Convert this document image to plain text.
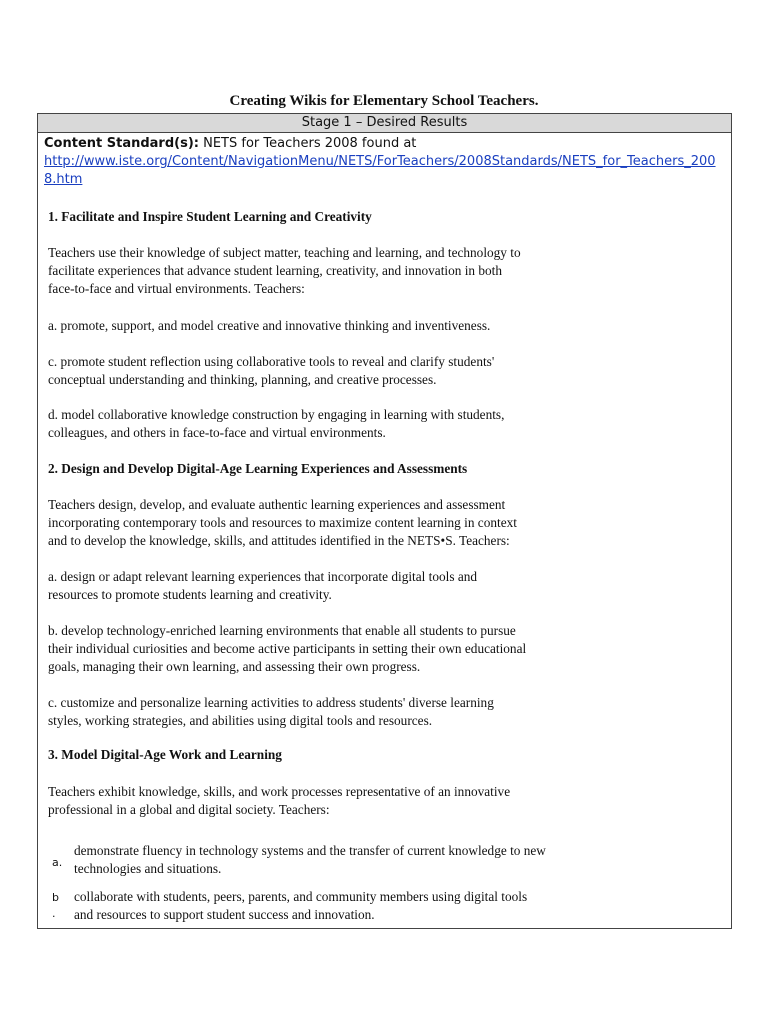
Creating Wikis for Elementary School Teachers.
Stage 1 – Desired Results
Content Standard(s): NETS for Teachers 2008 found at
http://www.iste.org/Content/NavigationMenu/NETS/ForTeachers/2008Standards/NETS_for_Teachers_2008.htm
1. Facilitate and Inspire Student Learning and Creativity
Teachers use their knowledge of subject matter, teaching and learning, and technology to
facilitate experiences that advance student learning, creativity, and innovation in both
face-to-face and virtual environments. Teachers:
a. promote, support, and model creative and innovative thinking and inventiveness.
c. promote student reflection using collaborative tools to reveal and clarify students'
conceptual understanding and thinking, planning, and creative processes.
d. model collaborative knowledge construction by engaging in learning with students,
colleagues, and others in face-to-face and virtual environments.
2. Design and Develop Digital-Age Learning Experiences and Assessments
Teachers design, develop, and evaluate authentic learning experiences and assessment
incorporating contemporary tools and resources to maximize content learning in context
and to develop the knowledge, skills, and attitudes identified in the NETS•S. Teachers:
a. design or adapt relevant learning experiences that incorporate digital tools and
resources to promote students learning and creativity.
b. develop technology-enriched learning environments that enable all students to pursue
their individual curiosities and become active participants in setting their own educational
goals, managing their own learning, and assessing their own progress.
c. customize and personalize learning activities to address students' diverse learning
styles, working strategies, and abilities using digital tools and resources.
3. Model Digital-Age Work and Learning
Teachers exhibit knowledge, skills, and work processes representative of an innovative
professional in a global and digital society. Teachers:
a.
demonstrate fluency in technology systems and the transfer of current knowledge to new
technologies and situations.
b
.
collaborate with students, peers, parents, and community members using digital tools
and resources to support student success and innovation.
